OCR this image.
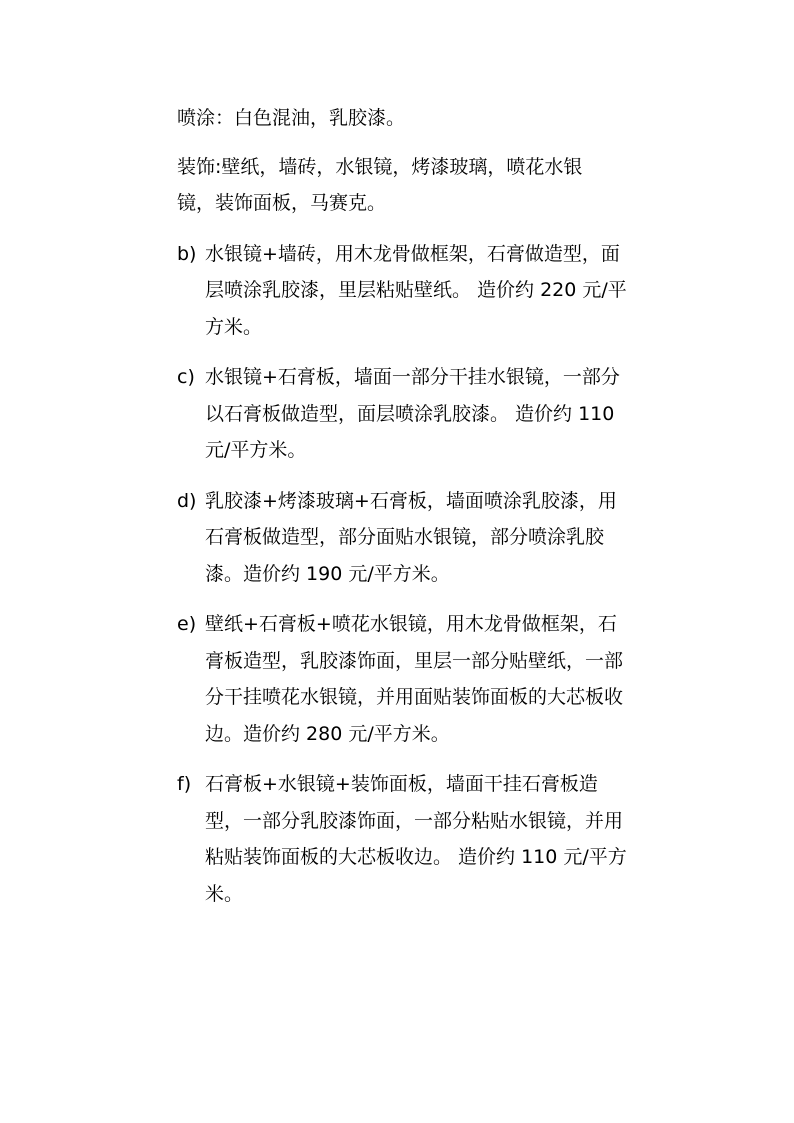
喷涂：白色混油，乳胶漆。

装饰:壁纸，墙砖，水银镜，烤漆玻璃，喷花水银
镜，装饰面板，马赛克。

b) 水银镜+墙砖，用木龙骨做框架，石膏做造型，面
层喷涂乳胶漆，里层粘贴壁纸。 造价约 220 元/平
方米。
c) 水银镜+石膏板，墙面一部分干挂水银镜，一部分
以石膏板做造型，面层喷涂乳胶漆。 造价约 110
元/平方米。
d) 乳胶漆+烤漆玻璃+石膏板，墙面喷涂乳胶漆，用
石膏板做造型，部分面贴水银镜，部分喷涂乳胶
漆。造价约 190 元/平方米。
e) 壁纸+石膏板+喷花水银镜，用木龙骨做框架，石
膏板造型，乳胶漆饰面，里层一部分贴壁纸，一部
分干挂喷花水银镜，并用面贴装饰面板的大芯板收
边。造价约 280 元/平方米。
f) 石膏板+水银镜+装饰面板，墙面干挂石膏板造
型，一部分乳胶漆饰面，一部分粘贴水银镜，并用
粘贴装饰面板的大芯板收边。 造价约 110 元/平方
米。
